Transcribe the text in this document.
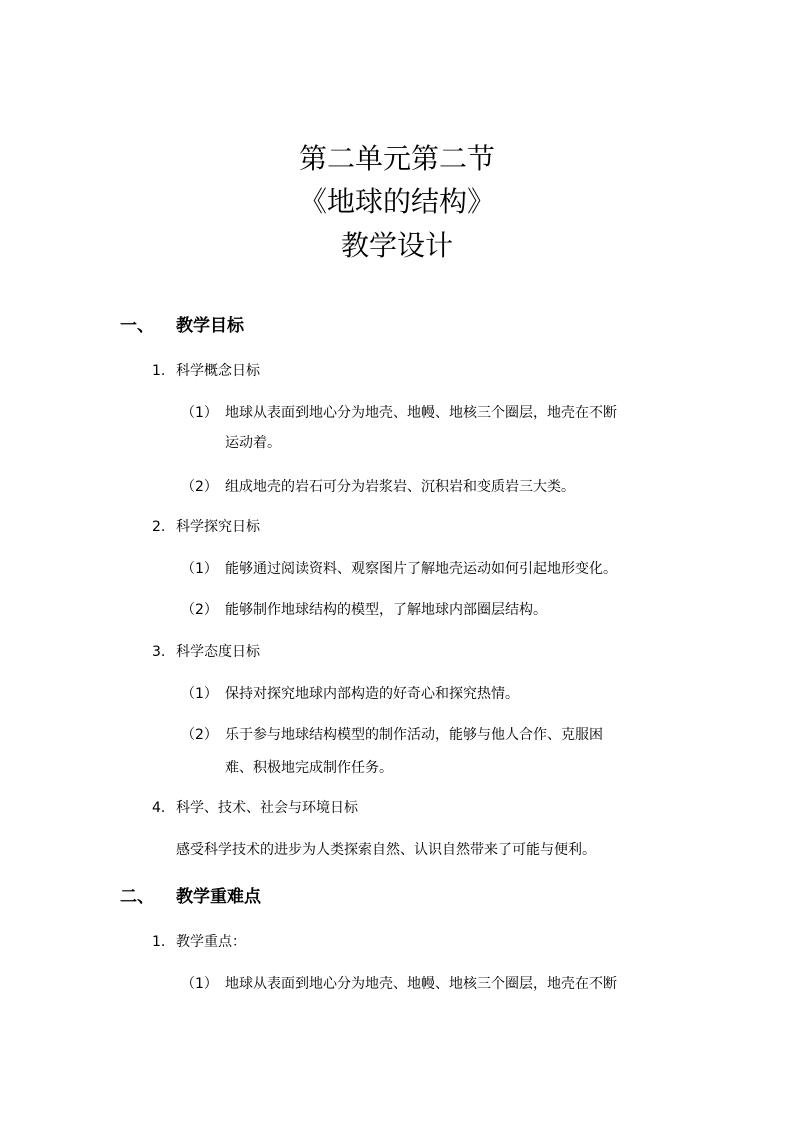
第二单元第二节
《地球的结构》
教学设计
一、 教学目标
1. 科学概念日标
（1） 地球从表面到地心分为地壳、地幔、地核三个圈层，地壳在不断
运动着。
（2） 组成地壳的岩石可分为岩浆岩、沉积岩和变质岩三大类。
2. 科学探究日标
（1） 能够通过阅读资料、观察图片了解地壳运动如何引起地形变化。
（2） 能够制作地球结构的模型，了解地球内部圈层结构。
3. 科学态度日标
（1） 保持对探究地球内部构造的好奇心和探究热情。
（2） 乐于参与地球结构模型的制作活动，能够与他人合作、克服困
难、积极地完成制作任务。
4. 科学、技术、社会与环境日标
感受科学技术的进步为人类探索自然、认识自然带来了可能与便利。
二、 教学重难点
1. 教学重点：
（1） 地球从表面到地心分为地壳、地幔、地核三个圈层，地壳在不断
